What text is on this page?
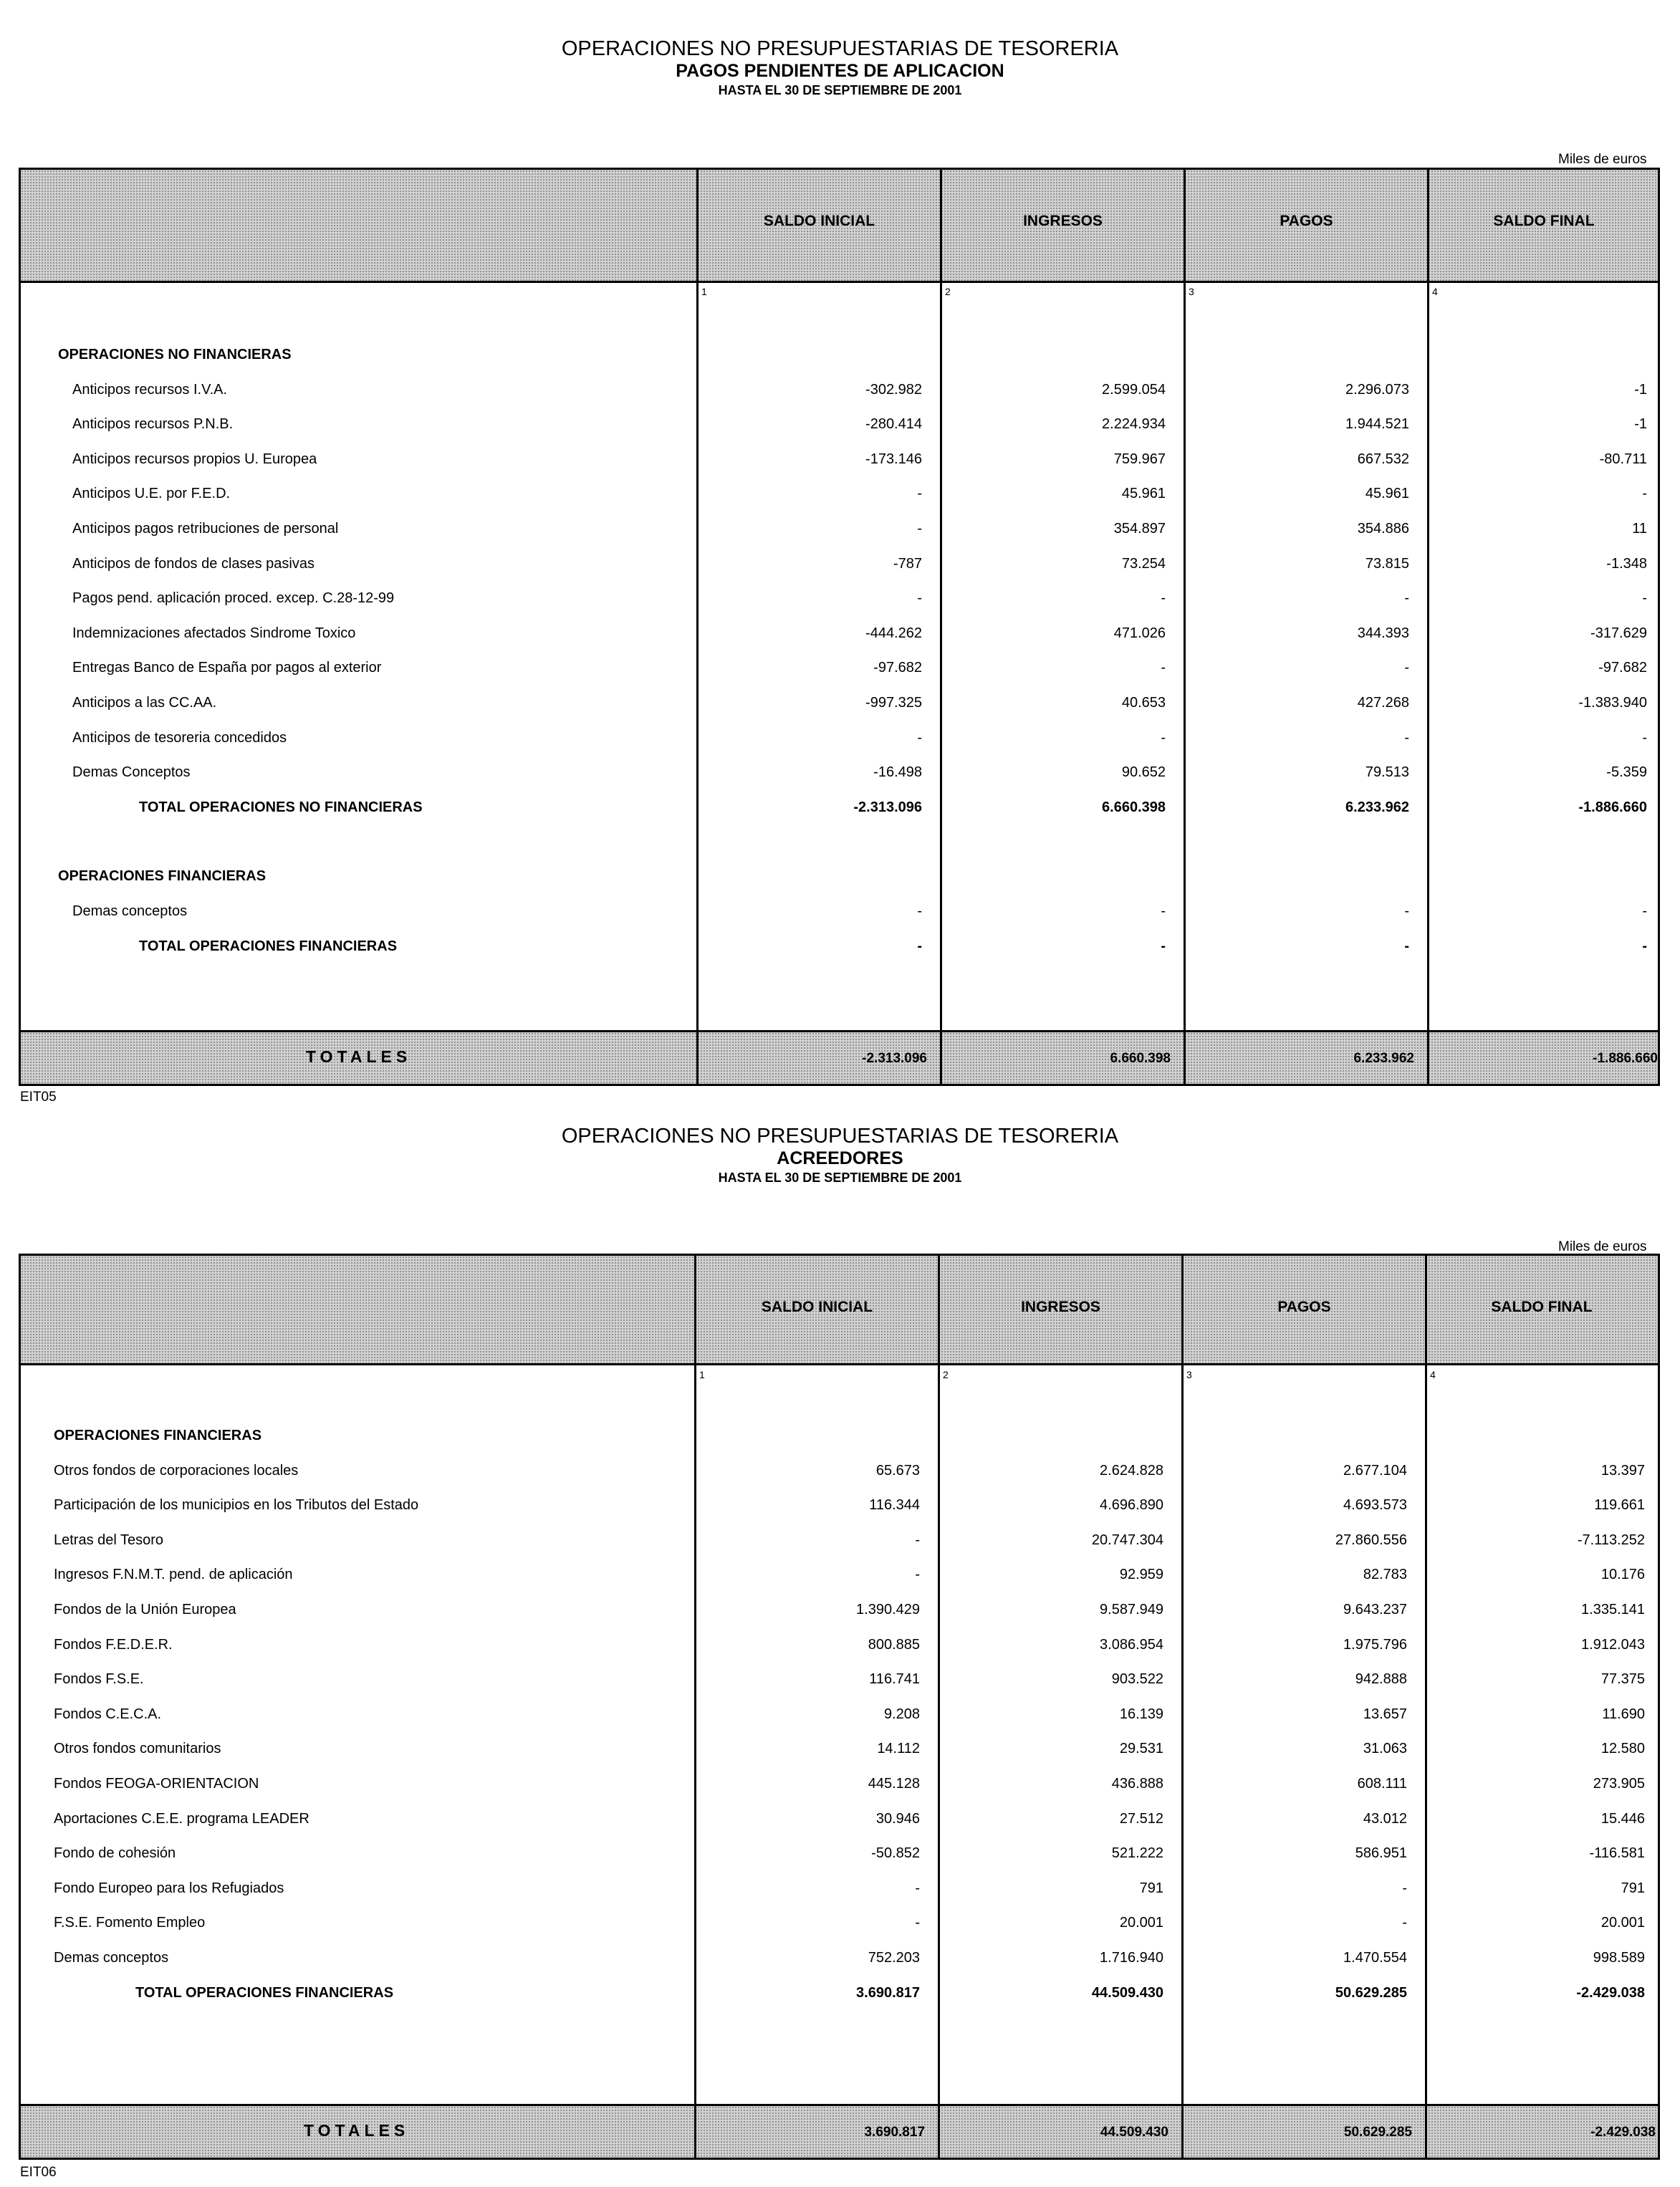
OPERACIONES NO PRESUPUESTARIAS DE TESORERIA
PAGOS PENDIENTES DE APLICACION
HASTA EL 30 DE SEPTIEMBRE DE 2001
Miles de euros
SALDO INICIAL	INGRESOS	PAGOS	SALDO FINAL
1	2	3	4
OPERACIONES NO FINANCIERAS
Anticipos recursos I.V.A.	-302.982	2.599.054	2.296.073	-1
Anticipos recursos P.N.B.	-280.414	2.224.934	1.944.521	-1
Anticipos recursos propios U. Europea	-173.146	759.967	667.532	-80.711
Anticipos U.E. por F.E.D.	-	45.961	45.961	-
Anticipos pagos retribuciones de personal	-	354.897	354.886	11
Anticipos de fondos de clases pasivas	-787	73.254	73.815	-1.348
Pagos pend. aplicación proced. excep. C.28-12-99	-	-	-	-
Indemnizaciones afectados Sindrome Toxico	-444.262	471.026	344.393	-317.629
Entregas Banco de España por pagos al exterior	-97.682	-	-	-97.682
Anticipos a las CC.AA.	-997.325	40.653	427.268	-1.383.940
Anticipos de tesoreria concedidos	-	-	-	-
Demas Conceptos	-16.498	90.652	79.513	-5.359
TOTAL OPERACIONES NO FINANCIERAS	-2.313.096	6.660.398	6.233.962	-1.886.660
OPERACIONES FINANCIERAS
Demas conceptos	-	-	-	-
TOTAL OPERACIONES FINANCIERAS	-	-	-	-
TOTALES	-2.313.096	6.660.398	6.233.962	-1.886.660
EIT05
OPERACIONES NO PRESUPUESTARIAS DE TESORERIA
ACREEDORES
HASTA EL 30 DE SEPTIEMBRE DE 2001
Miles de euros
SALDO INICIAL	INGRESOS	PAGOS	SALDO FINAL
1	2	3	4
OPERACIONES FINANCIERAS
Otros fondos de corporaciones locales	65.673	2.624.828	2.677.104	13.397
Participación de los municipios en los Tributos del Estado	116.344	4.696.890	4.693.573	119.661
Letras del Tesoro	-	20.747.304	27.860.556	-7.113.252
Ingresos F.N.M.T. pend. de aplicación	-	92.959	82.783	10.176
Fondos de la Unión Europea	1.390.429	9.587.949	9.643.237	1.335.141
Fondos F.E.D.E.R.	800.885	3.086.954	1.975.796	1.912.043
Fondos F.S.E.	116.741	903.522	942.888	77.375
Fondos C.E.C.A.	9.208	16.139	13.657	11.690
Otros fondos comunitarios	14.112	29.531	31.063	12.580
Fondos FEOGA-ORIENTACION	445.128	436.888	608.111	273.905
Aportaciones C.E.E. programa LEADER	30.946	27.512	43.012	15.446
Fondo de cohesión	-50.852	521.222	586.951	-116.581
Fondo Europeo para los Refugiados	-	791	-	791
F.S.E. Fomento Empleo	-	20.001	-	20.001
Demas conceptos	752.203	1.716.940	1.470.554	998.589
TOTAL OPERACIONES FINANCIERAS	3.690.817	44.509.430	50.629.285	-2.429.038
TOTALES	3.690.817	44.509.430	50.629.285	-2.429.038
EIT06
